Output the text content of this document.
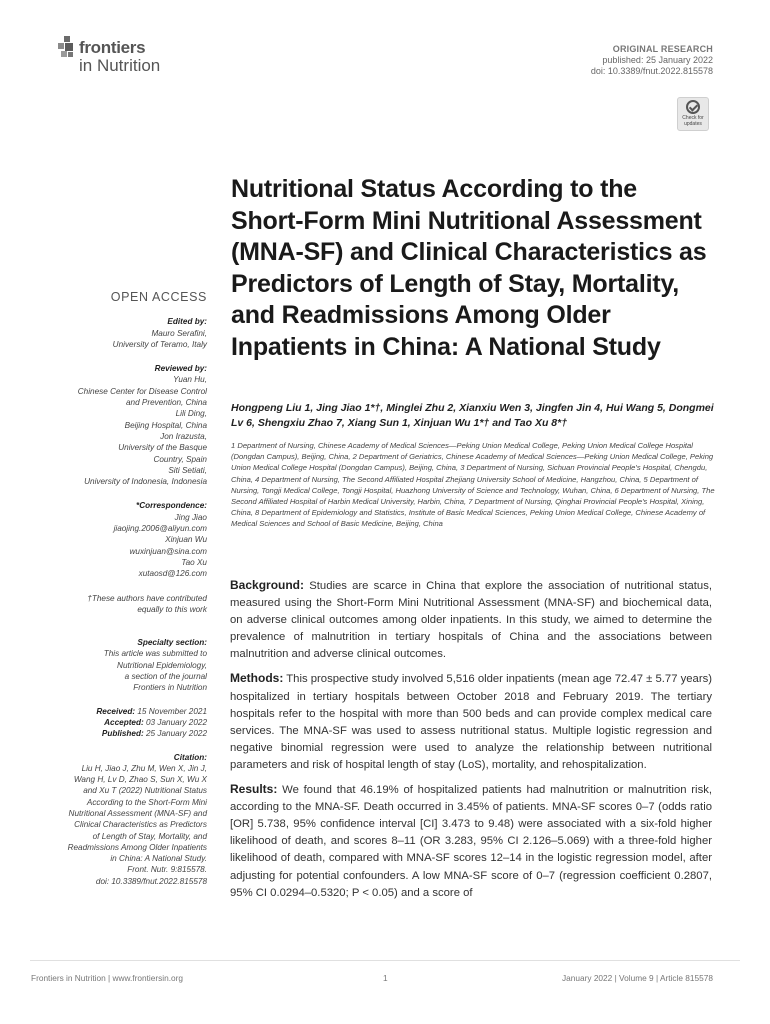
frontiers
in Nutrition
ORIGINAL RESEARCH
published: 25 January 2022
doi: 10.3389/fnut.2022.815578
Check for updates
Nutritional Status According to the Short-Form Mini Nutritional Assessment (MNA-SF) and Clinical Characteristics as Predictors of Length of Stay, Mortality, and Readmissions Among Older Inpatients in China: A National Study
Hongpeng Liu 1, Jing Jiao 1*†, Minglei Zhu 2, Xianxiu Wen 3, Jingfen Jin 4, Hui Wang 5, Dongmei Lv 6, Shengxiu Zhao 7, Xiang Sun 1, Xinjuan Wu 1*† and Tao Xu 8*†
1 Department of Nursing, Chinese Academy of Medical Sciences—Peking Union Medical College, Peking Union Medical College Hospital (Dongdan Campus), Beijing, China, 2 Department of Geriatrics, Chinese Academy of Medical Sciences—Peking Union Medical College, Peking Union Medical College Hospital (Dongdan Campus), Beijing, China, 3 Department of Nursing, Sichuan Provincial People's Hospital, Chengdu, China, 4 Department of Nursing, The Second Affiliated Hospital Zhejiang University School of Medicine, Hangzhou, China, 5 Department of Nursing, Tongji Medical College, Tongji Hospital, Huazhong University of Science and Technology, Wuhan, China, 6 Department of Nursing, The Second Affiliated Hospital of Harbin Medical University, Harbin, China, 7 Department of Nursing, Qinghai Provincial People's Hospital, Xining, China, 8 Department of Epidemiology and Statistics, Institute of Basic Medical Sciences, Peking Union Medical College, Chinese Academy of Medical Sciences and School of Basic Medicine, Beijing, China

Background: Studies are scarce in China that explore the association of nutritional status, measured using the Short-Form Mini Nutritional Assessment (MNA-SF) and biochemical data, on adverse clinical outcomes among older inpatients. In this study, we aimed to determine the prevalence of malnutrition in tertiary hospitals of China and the associations between malnutrition and adverse clinical outcomes.

Methods: This prospective study involved 5,516 older inpatients (mean age 72.47 ± 5.77 years) hospitalized in tertiary hospitals between October 2018 and February 2019. The tertiary hospitals refer to the hospital with more than 500 beds and can provide complex medical care services. The MNA-SF was used to assess nutritional status. Multiple logistic regression and negative binomial regression were used to analyze the relationship between nutritional parameters and risk of hospital length of stay (LoS), mortality, and rehospitalization.

Results: We found that 46.19% of hospitalized patients had malnutrition or malnutrition risk, according to the MNA-SF. Death occurred in 3.45% of patients. MNA-SF scores 0–7 (odds ratio [OR] 5.738, 95% confidence interval [CI] 3.473 to 9.48) were associated with a six-fold higher likelihood of death, and scores 8–11 (OR 3.283, 95% CI 2.126–5.069) with a three-fold higher likelihood of death, compared with MNA-SF scores 12–14 in the logistic regression model, after adjusting for potential confounders. A low MNA-SF score of 0–7 (regression coefficient 0.2807, 95% CI 0.0294–0.5320; P < 0.05) and a score of

OPEN ACCESS
Edited by:
Mauro Serafini,
University of Teramo, Italy
Reviewed by:
Yuan Hu,
Chinese Center for Disease Control
and Prevention, China
Lili Ding,
Beijing Hospital, China
Jon Irazusta,
University of the Basque
Country, Spain
Siti Setiati,
University of Indonesia, Indonesia
*Correspondence:
Jing Jiao
jiaojing.2006@aliyun.com
Xinjuan Wu
wuxinjuan@sina.com
Tao Xu
xutaosd@126.com
†These authors have contributed
equally to this work
Specialty section:
This article was submitted to
Nutritional Epidemiology,
a section of the journal
Frontiers in Nutrition
Received: 15 November 2021
Accepted: 03 January 2022
Published: 25 January 2022
Citation:
Liu H, Jiao J, Zhu M, Wen X, Jin J,
Wang H, Lv D, Zhao S, Sun X, Wu X
and Xu T (2022) Nutritional Status
According to the Short-Form Mini
Nutritional Assessment (MNA-SF) and
Clinical Characteristics as Predictors
of Length of Stay, Mortality, and
Readmissions Among Older Inpatients
in China: A National Study.
Front. Nutr. 9:815578.
doi: 10.3389/fnut.2022.815578
Frontiers in Nutrition | www.frontiersin.org	1	January 2022 | Volume 9 | Article 815578
